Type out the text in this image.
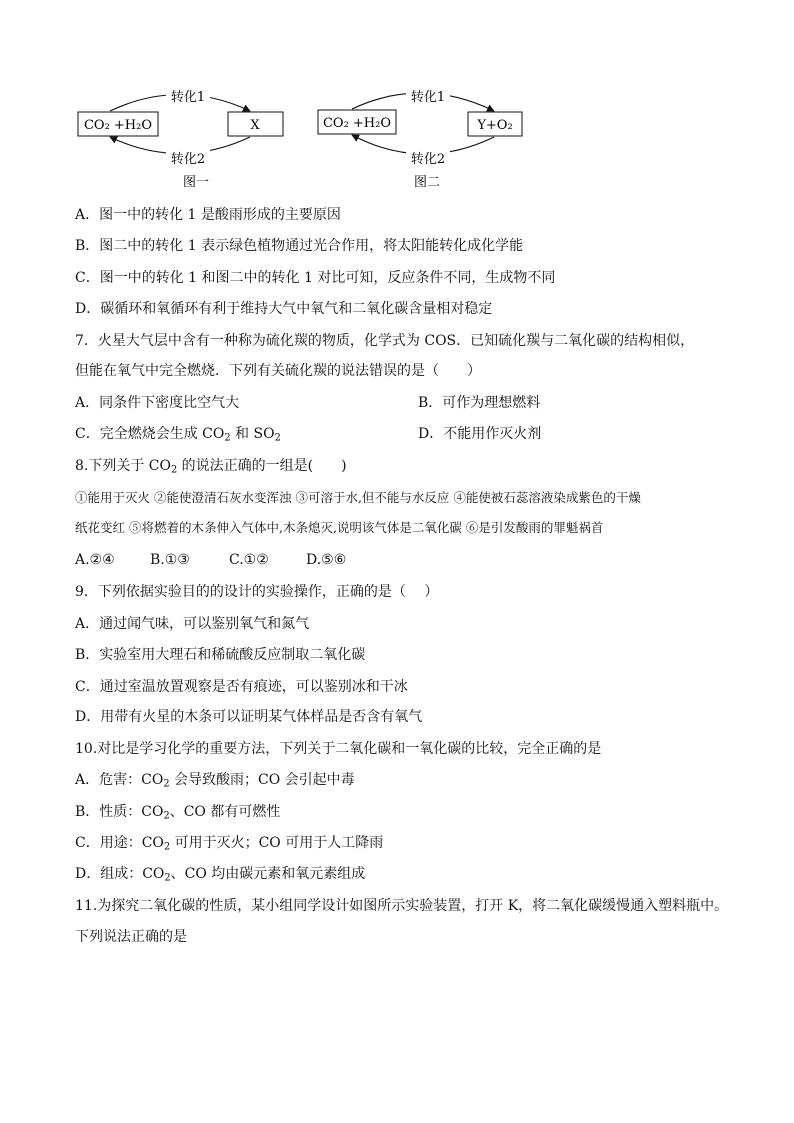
CO₂ +H₂O	X
转化1
转化2
图一
CO₂ +H₂O	Y+O₂
转化1
转化2
图二
A．图一中的转化 1 是酸雨形成的主要原因
B．图二中的转化 1 表示绿色植物通过光合作用，将太阳能转化成化学能
C．图一中的转化 1 和图二中的转化 1 对比可知，反应条件不同，生成物不同
D．碳循环和氧循环有利于维持大气中氧气和二氧化碳含量相对稳定
7．火星大气层中含有一种称为硫化羰的物质，化学式为 COS．已知硫化羰与二氧化碳的结构相似，
但能在氧气中完全燃烧．下列有关硫化羰的说法错误的是（　　）
A．同条件下密度比空气大	B．可作为理想燃料
C．完全燃烧会生成 $CO_2$ 和 $SO_2$	D．不能用作灭火剂
8.下列关于 $CO_2$ 的说法正确的一组是(　　)
①能用于灭火 ②能使澄清石灰水变浑浊 ③可溶于水,但不能与水反应 ④能使被石蕊溶液染成紫色的干燥
纸花变红 ⑤将燃着的木条伸入气体中,木条熄灭,说明该气体是二氧化碳 ⑥是引发酸雨的罪魁祸首
A.②④	B.①③	C.①②	D.⑤⑥
9．下列依据实验目的的设计的实验操作，正确的是（　 ）
A．通过闻气味，可以鉴别氧气和氮气
B．实验室用大理石和稀硫酸反应制取二氧化碳
C．通过室温放置观察是否有痕迹，可以鉴别冰和干冰
D．用带有火星的木条可以证明某气体样品是否含有氧气
10.对比是学习化学的重要方法，下列关于二氧化碳和一氧化碳的比较，完全正确的是
A．危害：$CO_2$ 会导致酸雨；CO 会引起中毒
B．性质：$CO_2$、CO 都有可燃性
C．用途：$CO_2$ 可用于灭火；CO 可用于人工降雨
D．组成：$CO_2$、CO 均由碳元素和氧元素组成
11.为探究二氧化碳的性质，某小组同学设计如图所示实验装置，打开 K，将二氧化碳缓慢通入塑料瓶中。
下列说法正确的是
